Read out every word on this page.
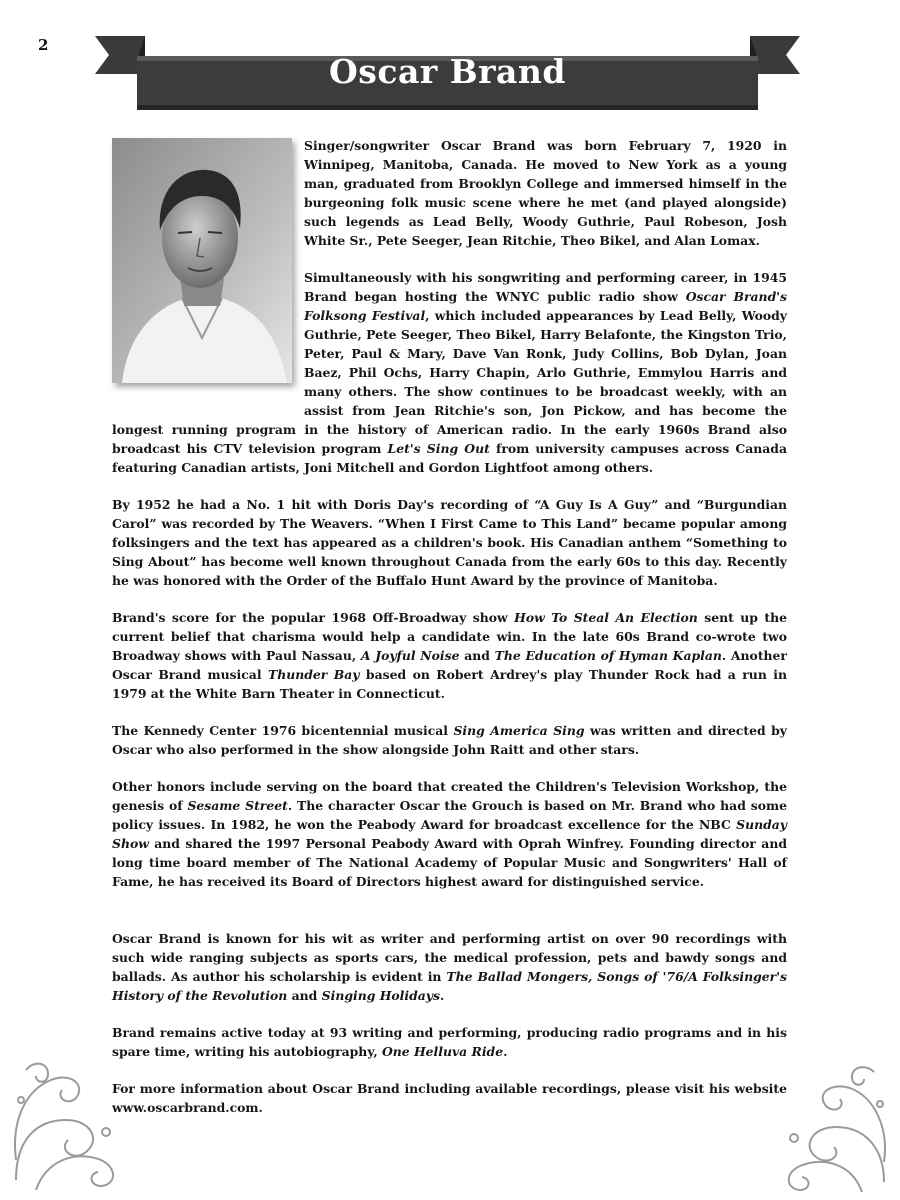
2
Oscar Brand

Singer/songwriter Oscar Brand was born February 7, 1920 in Winnipeg, Manitoba, Canada. He moved to New York as a young man, graduated from Brooklyn College and immersed himself in the burgeoning folk music scene where he met (and played alongside) such legends as Lead Belly, Woody Guthrie, Paul Robeson, Josh White Sr., Pete Seeger, Jean Ritchie, Theo Bikel, and Alan Lomax.

Simultaneously with his songwriting and performing career, in 1945 Brand began hosting the WNYC public radio show Oscar Brand's Folksong Festival, which included appearances by Lead Belly, Woody Guthrie, Pete Seeger, Theo Bikel, Harry Belafonte, the Kingston Trio, Peter, Paul & Mary, Dave Van Ronk, Judy Collins, Bob Dylan, Joan Baez, Phil Ochs, Harry Chapin, Arlo Guthrie, Emmylou Harris and many others. The show continues to be broadcast weekly, with an assist from Jean Ritchie's son, Jon Pickow, and has become the longest running program in the history of American radio. In the early 1960s Brand also broadcast his CTV television program Let's Sing Out from university campuses across Canada featuring Canadian artists, Joni Mitchell and Gordon Lightfoot among others.

By 1952 he had a No. 1 hit with Doris Day's recording of “A Guy Is A Guy” and “Burgundian Carol” was recorded by The Weavers. “When I First Came to This Land” became popular among folksingers and the text has appeared as a children's book. His Canadian anthem “Something to Sing About” has become well known throughout Canada from the early 60s to this day. Recently he was honored with the Order of the Buffalo Hunt Award by the province of Manitoba.

Brand's score for the popular 1968 Off-Broadway show How To Steal An Election sent up the current belief that charisma would help a candidate win. In the late 60s Brand co-wrote two Broadway shows with Paul Nassau, A Joyful Noise and The Education of Hyman Kaplan. Another Oscar Brand musical Thunder Bay based on Robert Ardrey's play Thunder Rock had a run in 1979 at the White Barn Theater in Connecticut.

The Kennedy Center 1976 bicentennial musical Sing America Sing was written and directed by Oscar who also performed in the show alongside John Raitt and other stars.

Other honors include serving on the board that created the Children's Television Workshop, the genesis of Sesame Street. The character Oscar the Grouch is based on Mr. Brand who had some policy issues. In 1982, he won the Peabody Award for broadcast excellence for the NBC Sunday Show and shared the 1997 Personal Peabody Award with Oprah Winfrey. Founding director and long time board member of The National Academy of Popular Music and Songwriters' Hall of Fame, he has received its Board of Directors highest award for distinguished service.

Oscar Brand is known for his wit as writer and performing artist on over 90 recordings with such wide ranging subjects as sports cars, the medical profession, pets and bawdy songs and ballads. As author his scholarship is evident in The Ballad Mongers, Songs of '76/A Folksinger's History of the Revolution and Singing Holidays.

Brand remains active today at 93 writing and performing, producing radio programs and in his spare time, writing his autobiography, One Helluva Ride.

For more information about Oscar Brand including available recordings, please visit his website www.oscarbrand.com.
